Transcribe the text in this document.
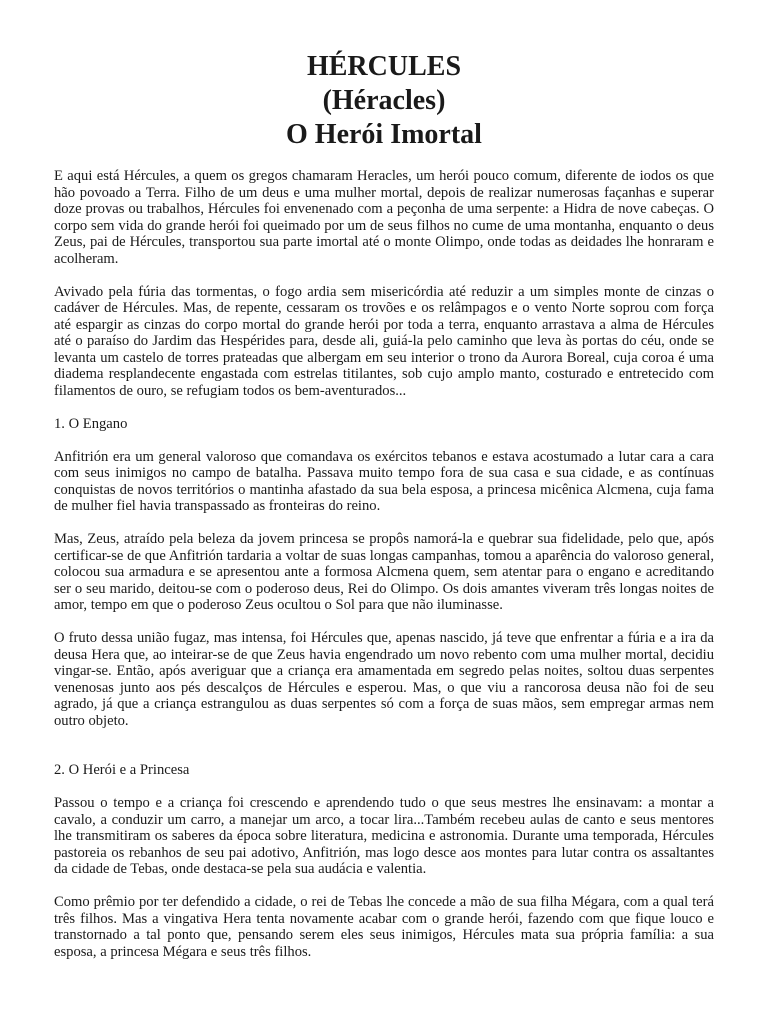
HÉRCULES
(Héracles)
O Herói Imortal

E aqui está Hércules, a quem os gregos chamaram Heracles, um herói pouco comum, diferente de iodos os que hão povoado a Terra. Filho de um deus e uma mulher mortal, depois de realizar numerosas façanhas e superar doze provas ou trabalhos, Hércules foi envenenado com a peçonha de uma serpente: a Hidra de nove cabeças. O corpo sem vida do grande herói foi queimado por um de seus filhos no cume de uma montanha, enquanto o deus Zeus, pai de Hércules, transportou sua parte imortal até o monte Olimpo, onde todas as deidades lhe honraram e acolheram.

Avivado pela fúria das tormentas, o fogo ardia sem misericórdia até reduzir a um simples monte de cinzas o cadáver de Hércules. Mas, de repente, cessaram os trovões e os relâmpagos e o vento Norte soprou com força até espargir as cinzas do corpo mortal do grande herói por toda a terra, enquanto arrastava a alma de Hércules até o paraíso do Jardim das Hespérides para, desde ali, guiá-la pelo caminho que leva às portas do céu, onde se levanta um castelo de torres prateadas que albergam em seu interior o trono da Aurora Boreal, cuja coroa é uma diadema resplandecente engastada com estrelas titilantes, sob cujo amplo manto, costurado e entretecido com filamentos de ouro, se refugiam todos os bem-aventurados...

1. O Engano

Anfitrión era um general valoroso que comandava os exércitos tebanos e estava acostumado a lutar cara a cara com seus inimigos no campo de batalha. Passava muito tempo fora de sua casa e sua cidade, e as contínuas conquistas de novos territórios o mantinha afastado da sua bela esposa, a princesa micênica Alcmena, cuja fama de mulher fiel havia transpassado as fronteiras do reino.

Mas, Zeus, atraído pela beleza da jovem princesa se propôs namorá-la e quebrar sua fidelidade, pelo que, após certificar-se de que Anfitrión tardaria a voltar de suas longas campanhas, tomou a aparência do valoroso general, colocou sua armadura e se apresentou ante a formosa Alcmena quem, sem atentar para o engano e acreditando ser o seu marido, deitou-se com o poderoso deus, Rei do Olimpo. Os dois amantes viveram três longas noites de amor, tempo em que o poderoso Zeus ocultou o Sol para que não iluminasse.

O fruto dessa união fugaz, mas intensa, foi Hércules que, apenas nascido, já teve que enfrentar a fúria e a ira da deusa Hera que, ao inteirar-se de que Zeus havia engendrado um novo rebento com uma mulher mortal, decidiu vingar-se. Então, após averiguar que a criança era amamentada em segredo pelas noites, soltou duas serpentes venenosas junto aos pés descalços de Hércules e esperou. Mas, o que viu a rancorosa deusa não foi de seu agrado, já que a criança estrangulou as duas serpentes só com a força de suas mãos, sem empregar armas nem outro objeto.

2. O Herói e a Princesa

Passou o tempo e a criança foi crescendo e aprendendo tudo o que seus mestres lhe ensinavam: a montar a cavalo, a conduzir um carro, a manejar um arco, a tocar lira...Também recebeu aulas de canto e seus mentores lhe transmitiram os saberes da época sobre literatura, medicina e astronomia. Durante uma temporada, Hércules pastoreia os rebanhos de seu pai adotivo, Anfitrión, mas logo desce aos montes para lutar contra os assaltantes da cidade de Tebas, onde destaca-se pela sua audácia e valentia.

Como prêmio por ter defendido a cidade, o rei de Tebas lhe concede a mão de sua filha Mégara, com a qual terá três filhos. Mas a vingativa Hera tenta novamente acabar com o grande herói, fazendo com que fique louco e transtornado a tal ponto que, pensando serem eles seus inimigos, Hércules mata sua própria família: a sua esposa, a princesa Mégara e seus três filhos.
